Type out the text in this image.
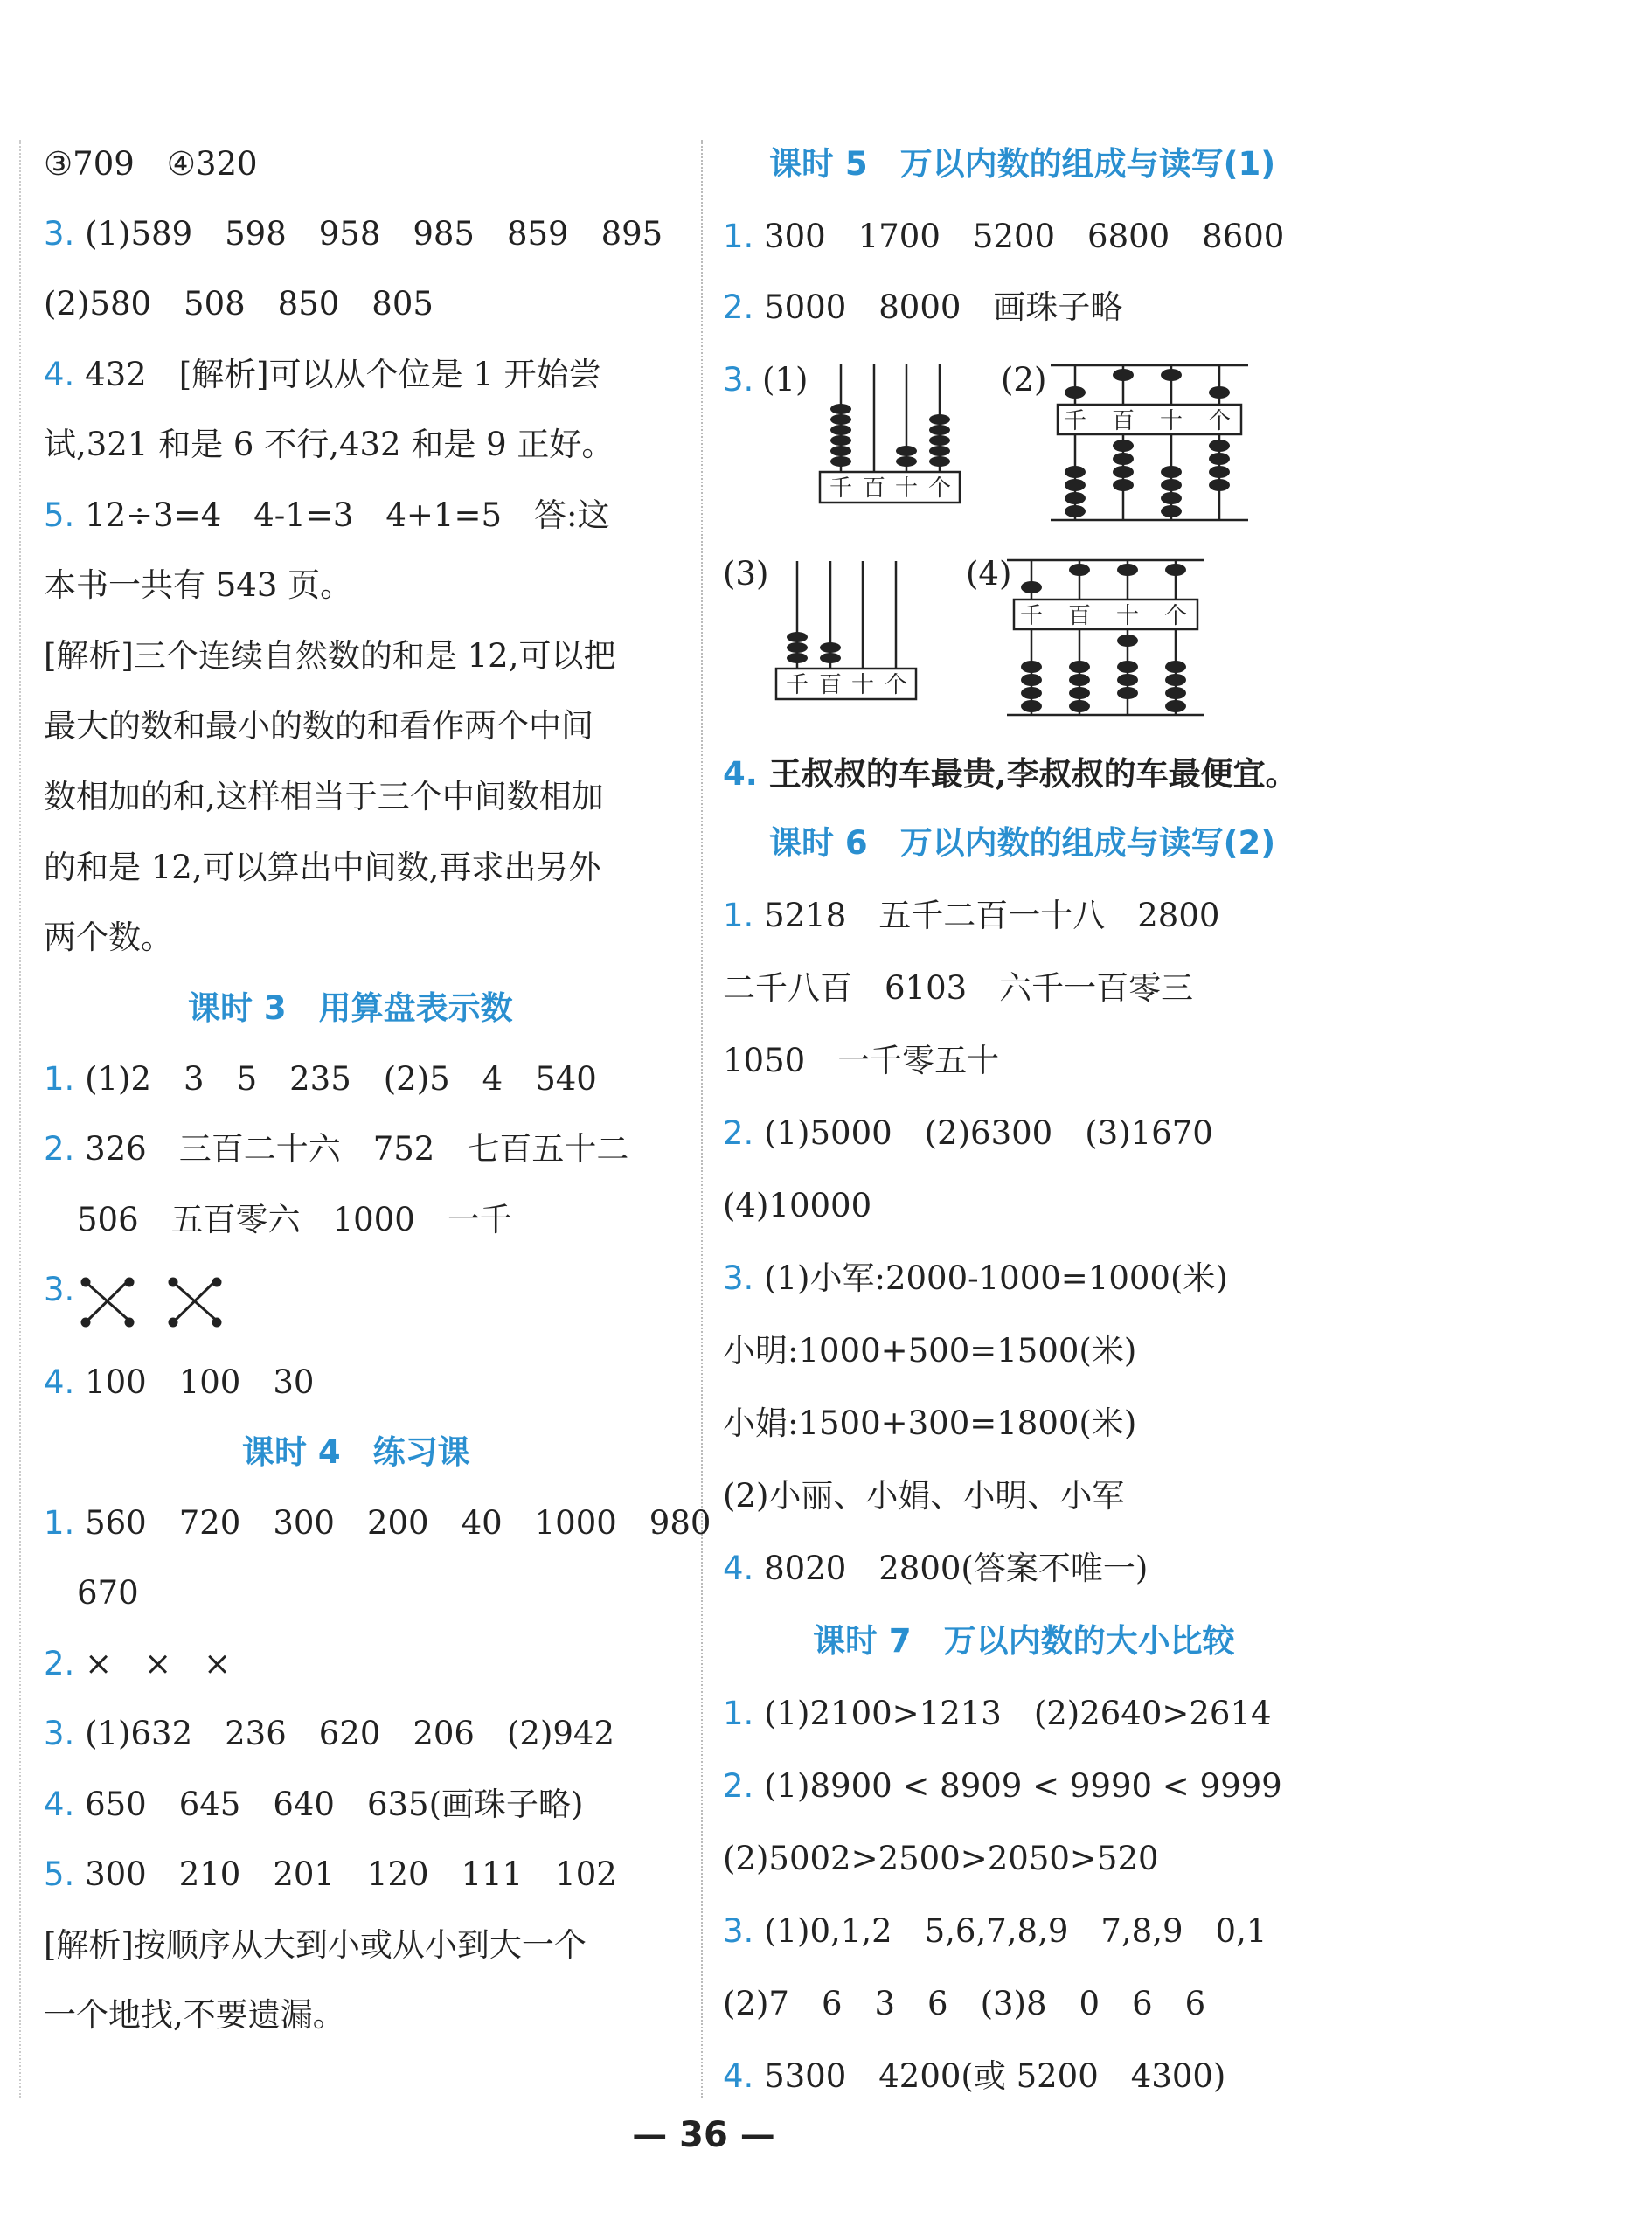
③709　④320
3. (1)589　598　958　985　859　895
(2)580　508　850　805
4. 432　[解析]可以从个位是 1 开始尝
试,321 和是 6 不行,432 和是 9 正好。
5. 12÷3=4　4-1=3　4+1=5　答:这
本书一共有 543 页。
[解析]三个连续自然数的和是 12,可以把
最大的数和最小的数的和看作两个中间
数相加的和,这样相当于三个中间数相加
的和是 12,可以算出中间数,再求出另外
两个数。
课时 3　用算盘表示数
1. (1)2　3　5　235　(2)5　4　540
2. 326　三百二十六　752　七百五十二
506　五百零六　1000　一千
3.
4. 100　100　30
课时 4　练习课
1. 560　720　300　200　40　1000　980
670
2. ×　×　×
3. (1)632　236　620　206　(2)942
4. 650　645　640　635(画珠子略)
5. 300　210　201　120　111　102
[解析]按顺序从大到小或从小到大一个
一个地找,不要遗漏。
课时 5　万以内数的组成与读写(1)
1. 300　1700　5200　6800　8600
2. 5000　8000　画珠子略
3. (1)
千 百 十 个
(2)
千 百 十 个
(3)
千 百 十 个
(4)
千 百 十 个
4. 王叔叔的车最贵,李叔叔的车最便宜。
课时 6　万以内数的组成与读写(2)
1. 5218　五千二百一十八　2800
二千八百　6103　六千一百零三
1050　一千零五十
2. (1)5000　(2)6300　(3)1670
(4)10000
3. (1)小军:2000-1000=1000(米)
小明:1000+500=1500(米)
小娟:1500+300=1800(米)
(2)小丽、小娟、小明、小军
4. 8020　2800(答案不唯一)
课时 7　万以内数的大小比较
1. (1)2100>1213　(2)2640>2614
2. (1)8900 < 8909 < 9990 < 9999
(2)5002>2500>2050>520
3. (1)0,1,2　5,6,7,8,9　7,8,9　0,1
(2)7　6　3　6　(3)8　0　6　6
4. 5300　4200(或 5200　4300)
— 36 —
